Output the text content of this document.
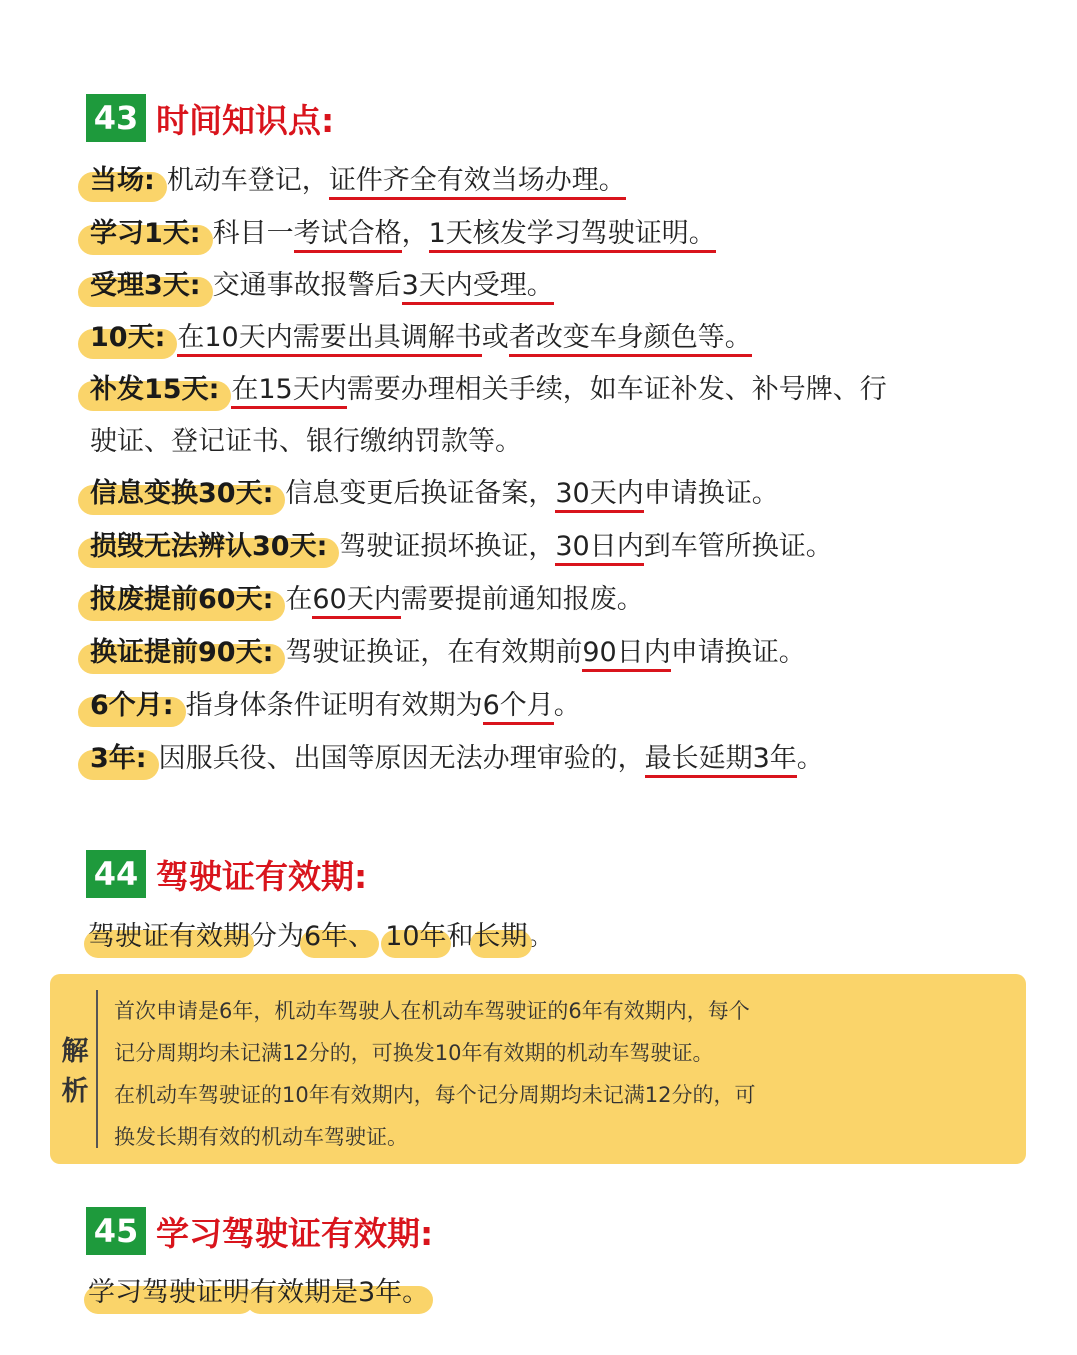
43 时间知识点:
当场: 机动车登记，证件齐全有效当场办理。
学习1天: 科目一考试合格，1天核发学习驾驶证明。
受理3天: 交通事故报警后3天内受理。
10天: 在10天内需要出具调解书或者改变车身颜色等。
补发15天: 在15天内需要办理相关手续，如车证补发、补号牌、行
驶证、登记证书、银行缴纳罚款等。
信息变换30天: 信息变更后换证备案，30天内申请换证。
损毁无法辨认30天: 驾驶证损坏换证，30日内到车管所换证。
报废提前60天: 在60天内需要提前通知报废。
换证提前90天: 驾驶证换证，在有效期前90日内申请换证。
6个月: 指身体条件证明有效期为6个月。
3年: 因服兵役、出国等原因无法办理审验的，最长延期3年。
44 驾驶证有效期:
驾驶证有效期分为6年、 10年和长期。
解
析
首次申请是6年，机动车驾驶人在机动车驾驶证的6年有效期内，每个
记分周期均未记满12分的，可换发10年有效期的机动车驾驶证。
在机动车驾驶证的10年有效期内，每个记分周期均未记满12分的，可
换发长期有效的机动车驾驶证。
45 学习驾驶证有效期:
学习驾驶证明有效期是3年。
